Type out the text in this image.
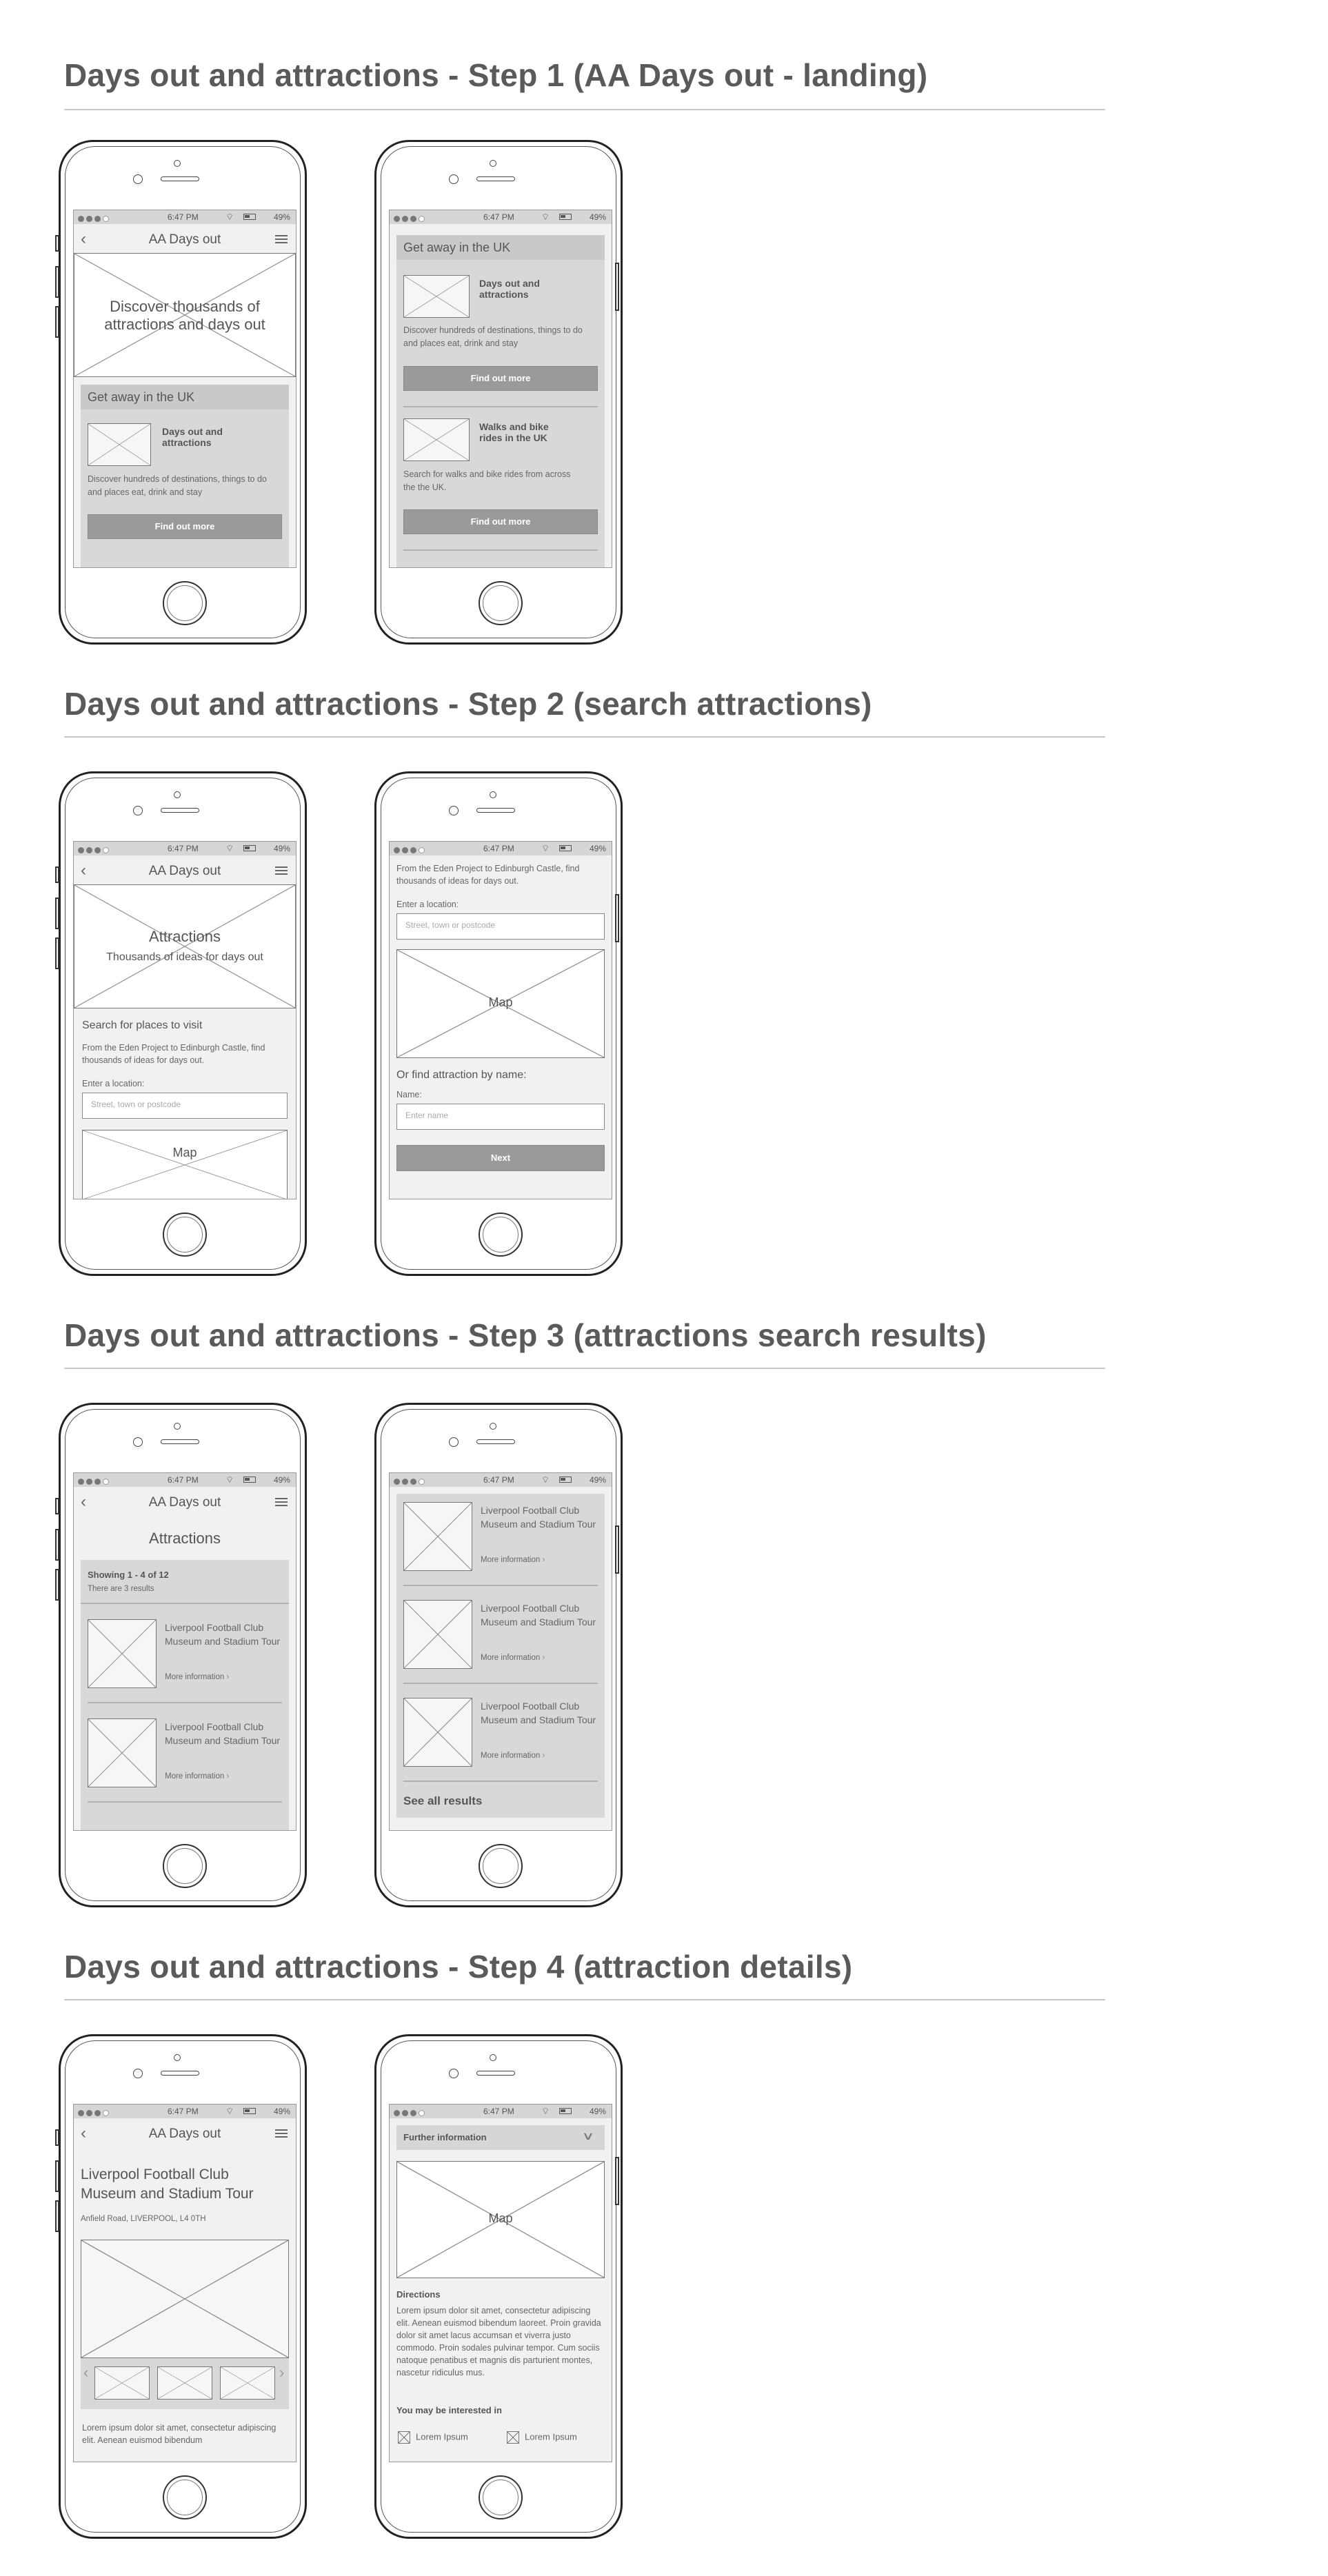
Days out and attractions - Step 1 (AA Days out - landing)
6:47 PM	⌔	49%
‹	AA Days out
Discover thousands of attractions and days out
Get away in the UK
Days out and attractions
Discover hundreds of destinations, things to do and places eat, drink and stay
Find out more
6:47 PM	⌔	49%
Get away in the UK
Days out and attractions
Discover hundreds of destinations, things to do and places eat, drink and stay
Find out more
Walks and bike rides in the UK
Search for walks and bike rides from across the the UK.
Find out more
Days out and attractions - Step 2 (search attractions)
6:47 PM	⌔	49%
‹	AA Days out
Attractions
Thousands of ideas for days out
Search for places to visit
From the Eden Project to Edinburgh Castle, find thousands of ideas for days out.
Enter a location:
Street, town or postcode
Map
6:47 PM	⌔	49%
From the Eden Project to Edinburgh Castle, find thousands of ideas for days out.
Enter a location:
Street, town or postcode
Map
Or find attraction by name:
Name:
Enter name
Next
Days out and attractions - Step 3 (attractions search results)
6:47 PM	⌔	49%
‹	AA Days out
Attractions
Showing 1 - 4 of 12
There are 3 results
Liverpool Football Club Museum and Stadium Tour
More information ›
Liverpool Football Club Museum and Stadium Tour
More information ›
6:47 PM	⌔	49%
Liverpool Football Club Museum and Stadium Tour
More information ›
Liverpool Football Club Museum and Stadium Tour
More information ›
Liverpool Football Club Museum and Stadium Tour
More information ›
See all results
Days out and attractions - Step 4 (attraction details)
6:47 PM	⌔	49%
‹	AA Days out
Liverpool Football Club Museum and Stadium Tour
Anfield Road, LIVERPOOL, L4 0TH
‹	›
Lorem ipsum dolor sit amet, consectetur adipiscing elit. Aenean euismod bibendum
6:47 PM	⌔	49%
Further information	∨
Map
Directions
Lorem ipsum dolor sit amet, consectetur adipiscing elit. Aenean euismod bibendum laoreet. Proin gravida dolor sit amet lacus accumsan et viverra justo commodo. Proin sodales pulvinar tempor. Cum sociis natoque penatibus et magnis dis parturient montes, nascetur ridiculus mus.
You may be interested in
Lorem Ipsum	Lorem Ipsum
